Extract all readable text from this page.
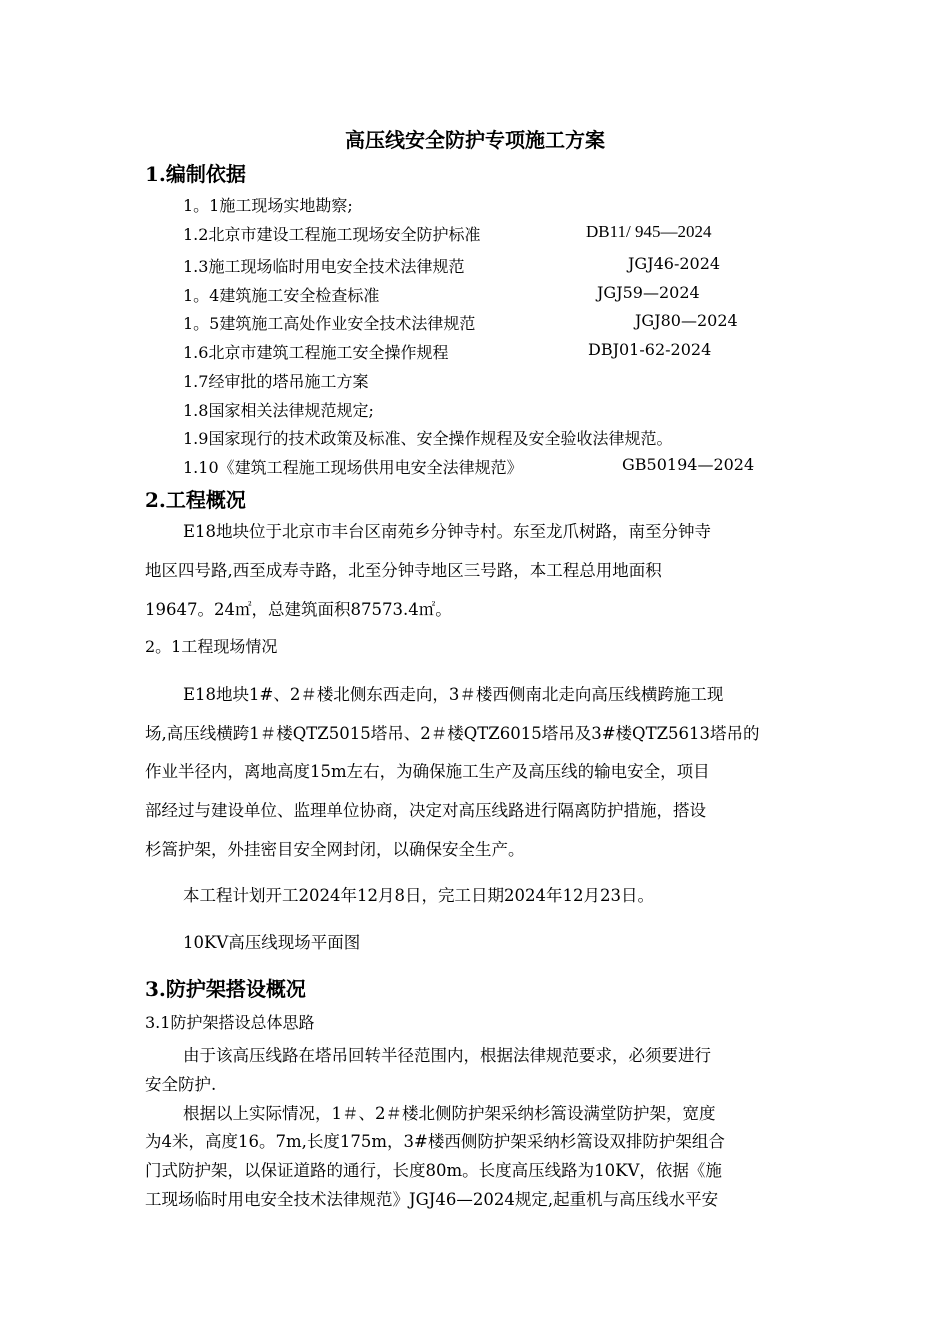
高压线安全防护专项施工方案
1.编制依据
1。1施工现场实地勘察;
1.2北京市建设工程施工现场安全防护标准	DB11/ 945—2024
1.3施工现场临时用电安全技术法律规范	JGJ46-2024
1。4建筑施工安全检查标准	JGJ59—2024
1。5建筑施工高处作业安全技术法律规范	JGJ80—2024
1.6北京市建筑工程施工安全操作规程	DBJ01-62-2024
1.7经审批的塔吊施工方案
1.8国家相关法律规范规定;
1.9国家现行的技术政策及标准、安全操作规程及安全验收法律规范。
1.10《建筑工程施工现场供用电安全法律规范》	GB50194—2024
2.工程概况
E18地块位于北京市丰台区南苑乡分钟寺村。东至龙爪树路，南至分钟寺
地区四号路,西至成寿寺路，北至分钟寺地区三号路，本工程总用地面积
19647。24㎡，总建筑面积87573.4㎡。
2。1工程现场情况
E18地块1#、2＃楼北侧东西走向，3＃楼西侧南北走向高压线横跨施工现
场,高压线横跨1＃楼QTZ5015塔吊、2＃楼QTZ6015塔吊及3#楼QTZ5613塔吊的
作业半径内，离地高度15m左右，为确保施工生产及高压线的输电安全，项目
部经过与建设单位、监理单位协商，决定对高压线路进行隔离防护措施，搭设
杉篙护架，外挂密目安全网封闭，以确保安全生产。
本工程计划开工2024年12月8日，完工日期2024年12月23日。
10KV高压线现场平面图
3.防护架搭设概况
3.1防护架搭设总体思路
由于该高压线路在塔吊回转半径范围内，根据法律规范要求，必须要进行
安全防护.
根据以上实际情况，1＃、2＃楼北侧防护架采纳杉篙设满堂防护架，宽度
为4米，高度16。7m,长度175m，3#楼西侧防护架采纳杉篙设双排防护架组合
门式防护架，以保证道路的通行，长度80m。长度高压线路为10KV，依据《施
工现场临时用电安全技术法律规范》JGJ46—2024规定,起重机与高压线水平安
